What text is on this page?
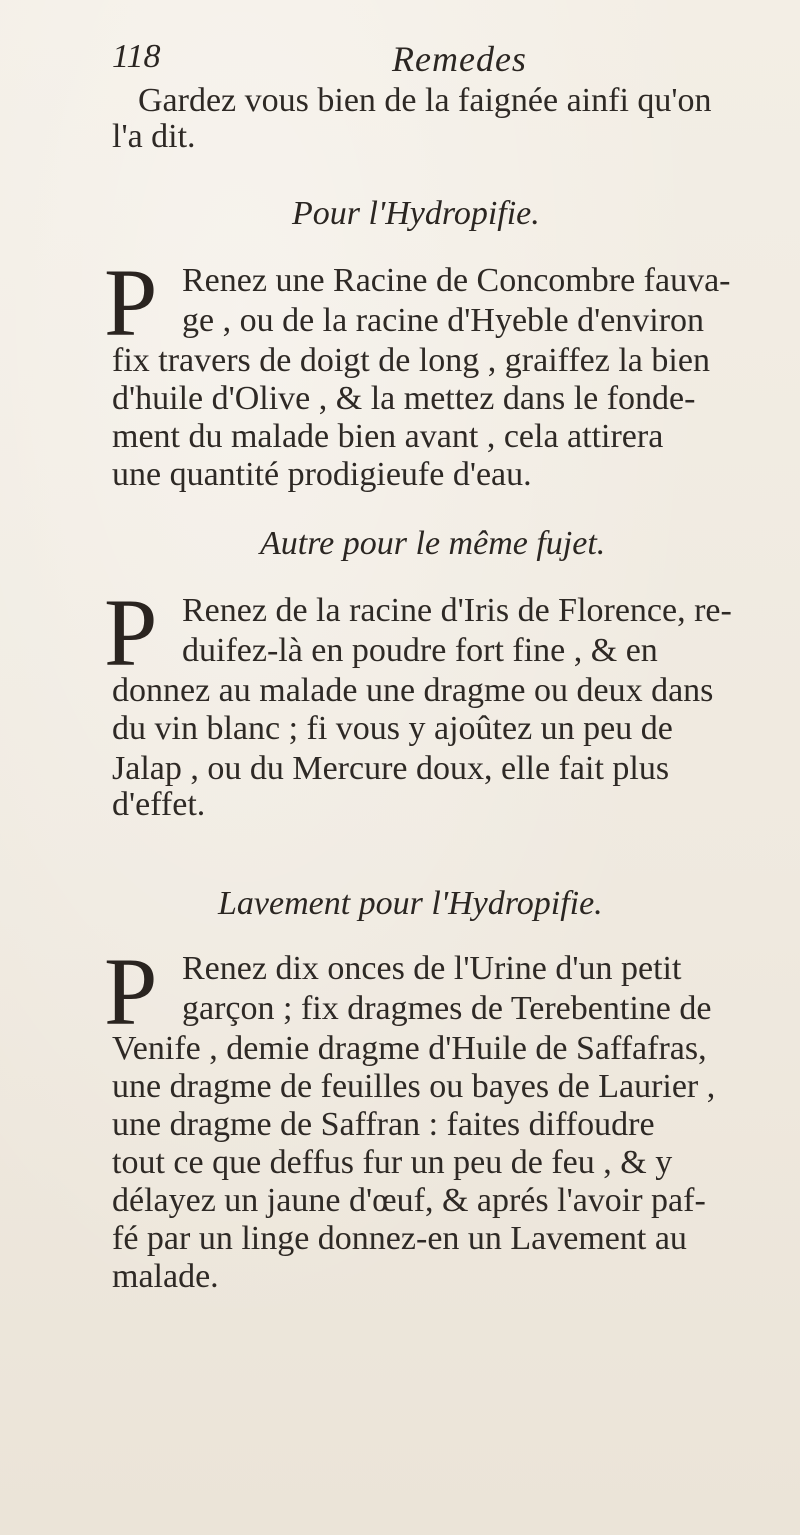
118	Remedes
Gardez vous bien de la faignée ainfi qu'on
l'a dit.
Pour l'Hydropifie.
P Renez une Racine de Concombre fauva-
ge , ou de la racine d'Hyeble d'environ
fix travers de doigt de long , graiffez la bien
d'huile d'Olive , & la mettez dans le fonde-
ment du malade bien avant , cela attirera
une quantité prodigieufe d'eau.
Autre pour le même fujet.
P Renez de la racine d'Iris de Florence, re-
duifez-là en poudre fort fine , & en
donnez au malade une dragme ou deux dans
du vin blanc ; fi vous y ajoûtez un peu de
Jalap , ou du Mercure doux, elle fait plus
d'effet.
Lavement pour l'Hydropifie.
P Renez dix onces de l'Urine d'un petit
garçon ; fix dragmes de Terebentine de
Venife , demie dragme d'Huile de Saffafras,
une dragme de feuilles ou bayes de Laurier ,
une dragme de Saffran : faites diffoudre
tout ce que deffus fur un peu de feu , & y
délayez un jaune d'œuf, & aprés l'avoir paf-
fé par un linge donnez-en un Lavement au
malade.
